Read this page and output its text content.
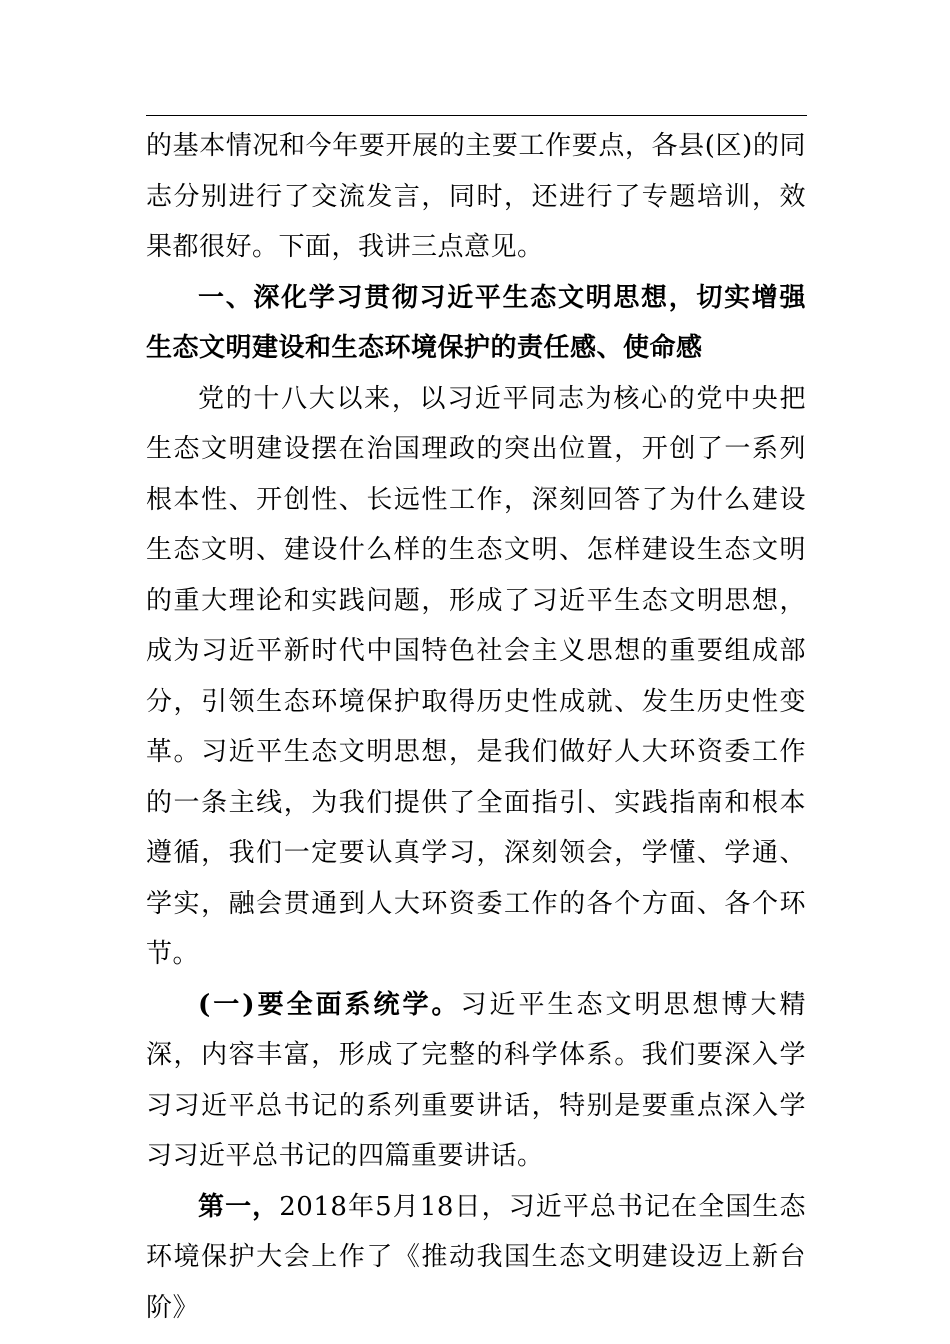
的基本情况和今年要开展的主要工作要点，各县(区)的同志分别进行了交流发言，同时，还进行了专题培训，效果都很好。下面，我讲三点意见。

一、深化学习贯彻习近平生态文明思想，切实增强生态文明建设和生态环境保护的责任感、使命感

党的十八大以来，以习近平同志为核心的党中央把生态文明建设摆在治国理政的突出位置，开创了一系列根本性、开创性、长远性工作，深刻回答了为什么建设生态文明、建设什么样的生态文明、怎样建设生态文明的重大理论和实践问题，形成了习近平生态文明思想，成为习近平新时代中国特色社会主义思想的重要组成部分，引领生态环境保护取得历史性成就、发生历史性变革。习近平生态文明思想，是我们做好人大环资委工作的一条主线，为我们提供了全面指引、实践指南和根本遵循，我们一定要认真学习，深刻领会，学懂、学通、学实，融会贯通到人大环资委工作的各个方面、各个环节。

(一)要全面系统学。习近平生态文明思想博大精深，内容丰富，形成了完整的科学体系。我们要深入学习习近平总书记的系列重要讲话，特别是要重点深入学习习近平总书记的四篇重要讲话。

第一，2018年5月18日，习近平总书记在全国生态环境保护大会上作了《推动我国生态文明建设迈上新台阶》
